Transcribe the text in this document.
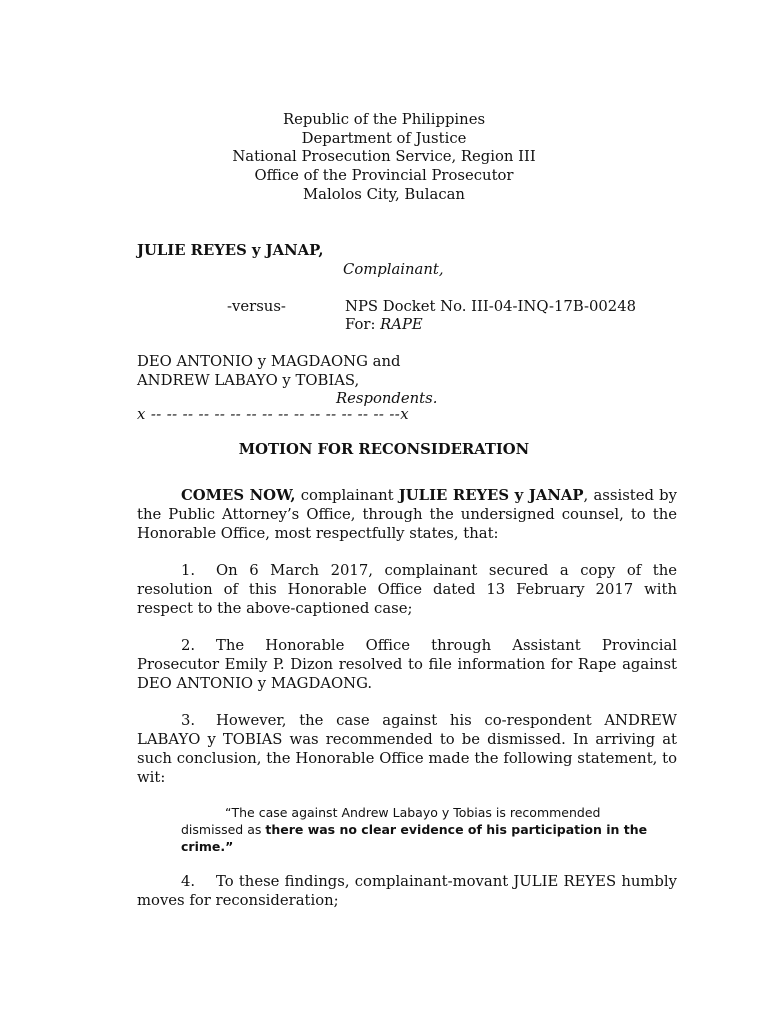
Republic of the Philippines
Department of Justice
National Prosecution Service, Region III
Office of the Provincial Prosecutor
Malolos City, Bulacan
JULIE REYES y JANAP,
Complainant,
-versus-	NPS Docket No. III-04-INQ-17B-00248
For: RAPE
DEO ANTONIO y MAGDAONG and
ANDREW LABAYO y TOBIAS,
Respondents.
x -- -- -- -- -- -- -- -- -- -- -- -- -- -- -- --x
MOTION FOR RECONSIDERATION
COMES NOW, complainant JULIE REYES y JANAP, assisted by the Public Attorney’s Office, through the undersigned counsel, to the Honorable Office, most respectfully states, that:
1. On 6 March 2017, complainant secured a copy of the resolution of this Honorable Office dated 13 February 2017 with respect to the above-captioned case;
2. The Honorable Office through Assistant Provincial Prosecutor Emily P. Dizon resolved to file information for Rape against DEO ANTONIO y MAGDAONG.
3. However, the case against his co-respondent ANDREW LABAYO y TOBIAS was recommended to be dismissed. In arriving at such conclusion, the Honorable Office made the following statement, to wit:
“The case against Andrew Labayo y Tobias is recommended dismissed as there was no clear evidence of his participation in the crime.”
4. To these findings, complainant-movant JULIE REYES humbly moves for reconsideration;
